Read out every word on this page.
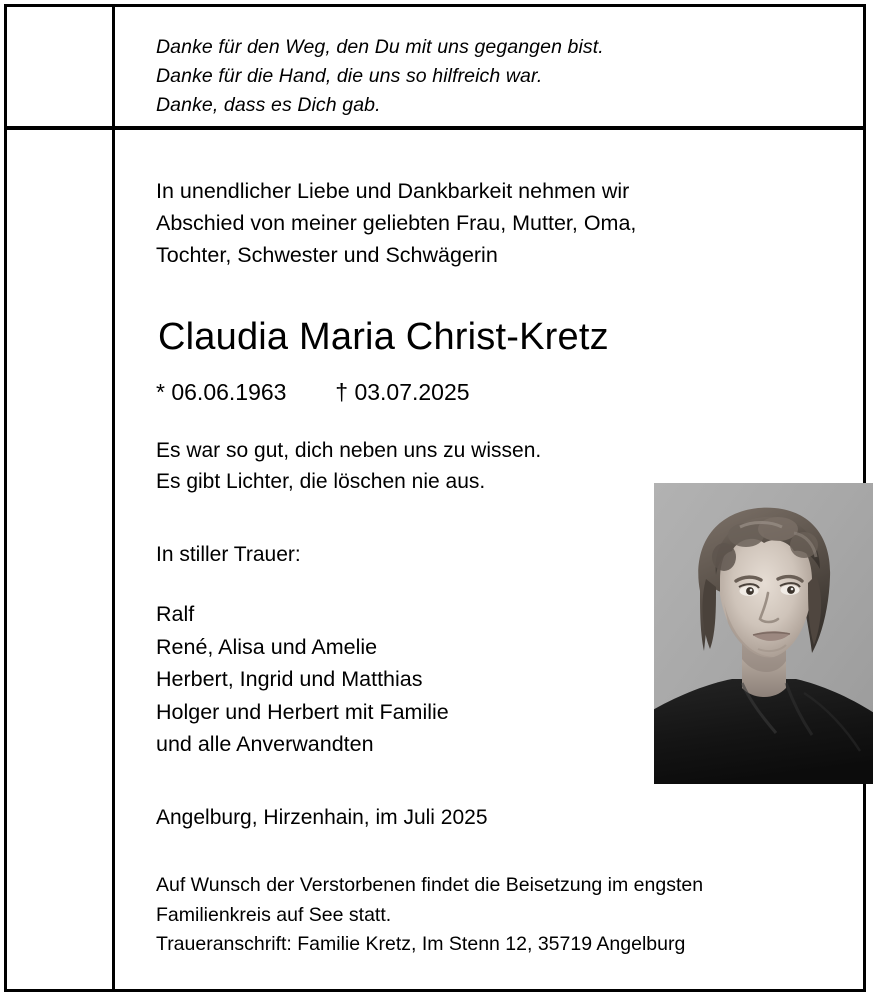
Danke für den Weg, den Du mit uns gegangen bist.
Danke für die Hand, die uns so hilfreich war.
Danke, dass es Dich gab.
In unendlicher Liebe und Dankbarkeit nehmen wir
Abschied von meiner geliebten Frau, Mutter, Oma,
Tochter, Schwester und Schwägerin
Claudia Maria Christ-Kretz
* 06.06.1963 † 03.07.2025
Es war so gut, dich neben uns zu wissen.
Es gibt Lichter, die löschen nie aus.
In stiller Trauer:
Ralf
René, Alisa und Amelie
Herbert, Ingrid und Matthias
Holger und Herbert mit Familie
und alle Anverwandten
Angelburg, Hirzenhain, im Juli 2025
Auf Wunsch der Verstorbenen findet die Beisetzung im engsten
Familienkreis auf See statt.
Traueranschrift: Familie Kretz, Im Stenn 12, 35719 Angelburg
